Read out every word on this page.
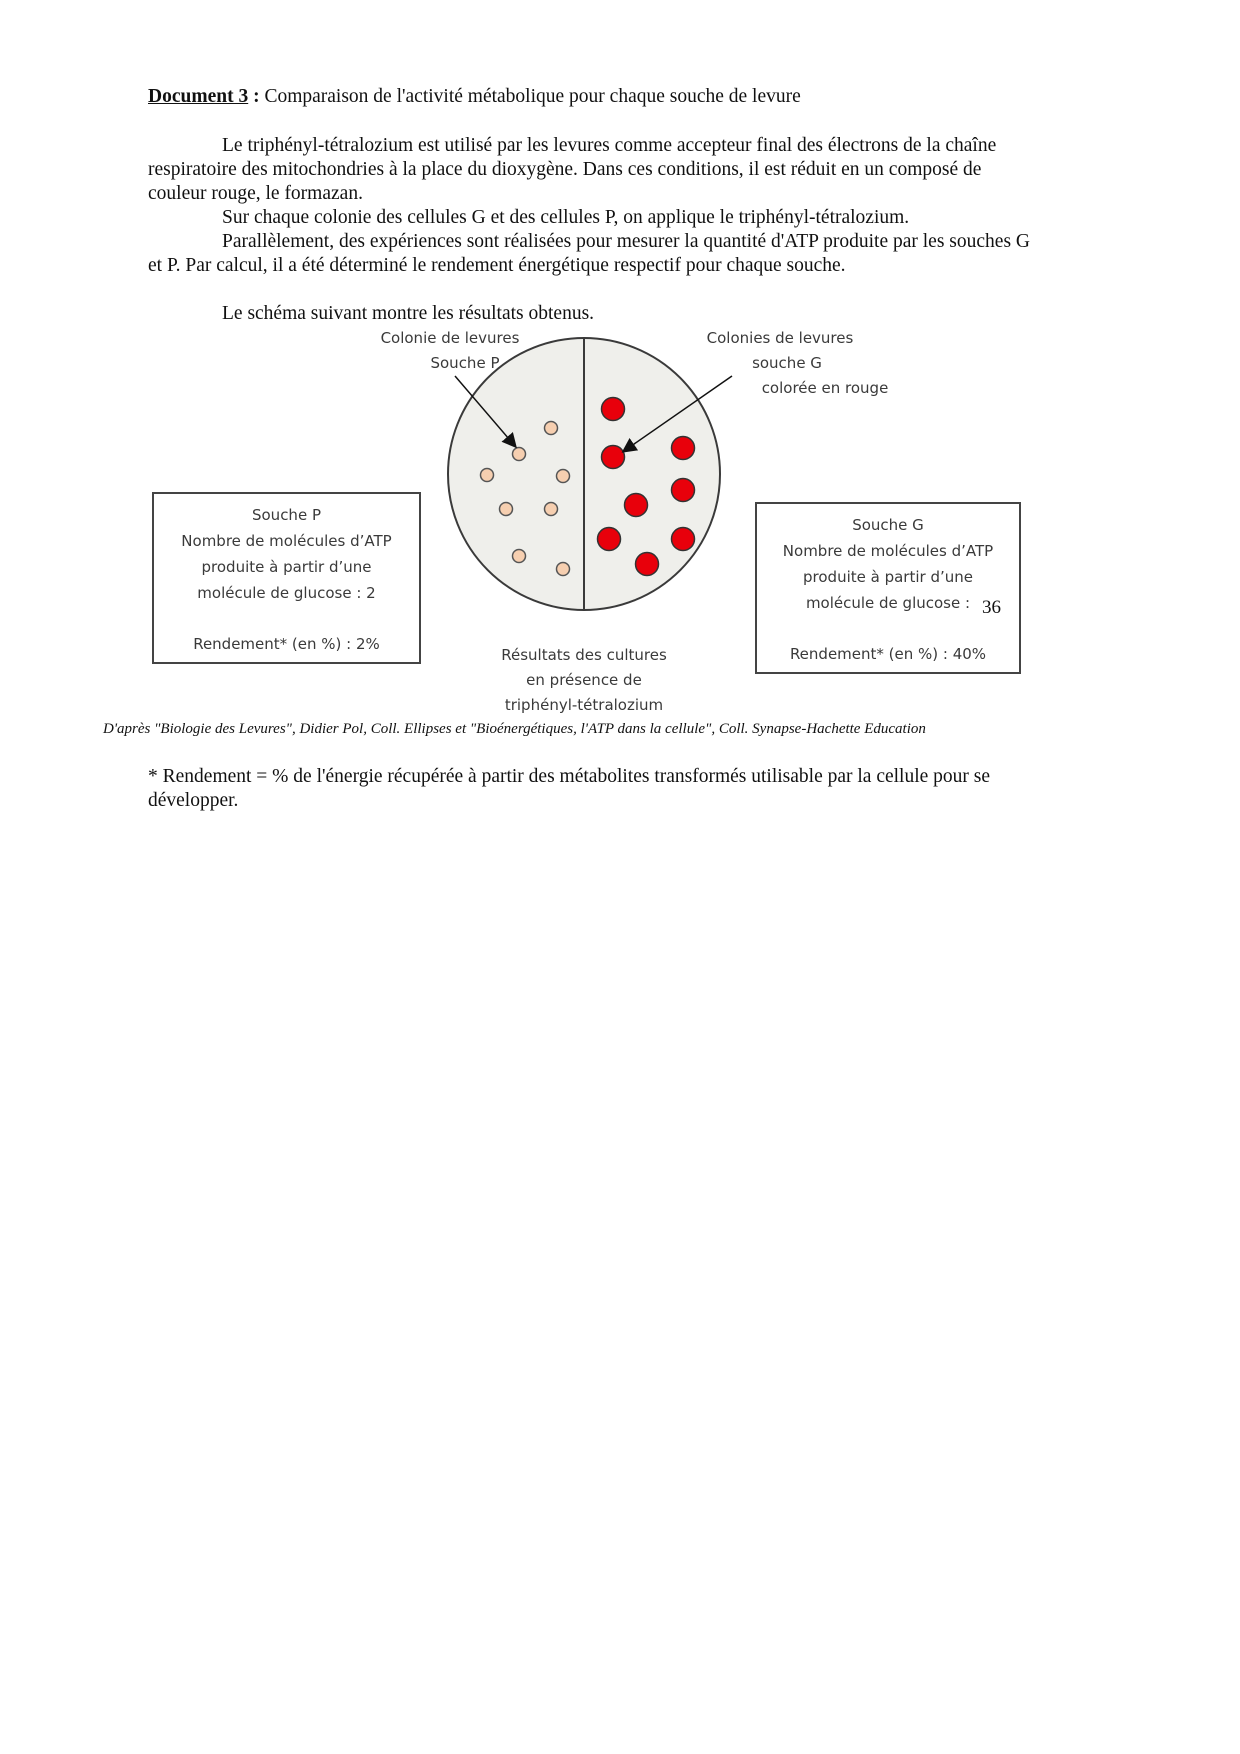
Document 3 : Comparaison de l'activité métabolique pour chaque souche de levure
Le triphényl-tétralozium est utilisé par les levures comme accepteur final des électrons de la chaîne
respiratoire des mitochondries à la place du dioxygène. Dans ces conditions, il est réduit en un composé de
couleur rouge, le formazan.
Sur chaque colonie des cellules G et des cellules P, on applique le triphényl-tétralozium.
Parallèlement, des expériences sont réalisées pour mesurer la quantité d'ATP produite par les souches G
et P. Par calcul, il a été déterminé le rendement énergétique respectif pour chaque souche.
Le schéma suivant montre les résultats obtenus.
Colonie de levures
Souche P
Colonies de levures
souche G
colorée en rouge
Souche P
Nombre de molécules d’ATP
produite à partir d’une
molécule de glucose : 2
Rendement* (en %) : 2%
Souche G
Nombre de molécules d’ATP
produite à partir d’une
molécule de glucose :
Rendement* (en %) : 40%
36
Résultats des cultures
en présence de
triphényl-tétralozium
D'après "Biologie des Levures", Didier Pol, Coll. Ellipses et "Bioénergétiques, l'ATP dans la cellule", Coll. Synapse-Hachette Education
* Rendement = % de l'énergie récupérée à partir des métabolites transformés utilisable par la cellule pour se
développer.
